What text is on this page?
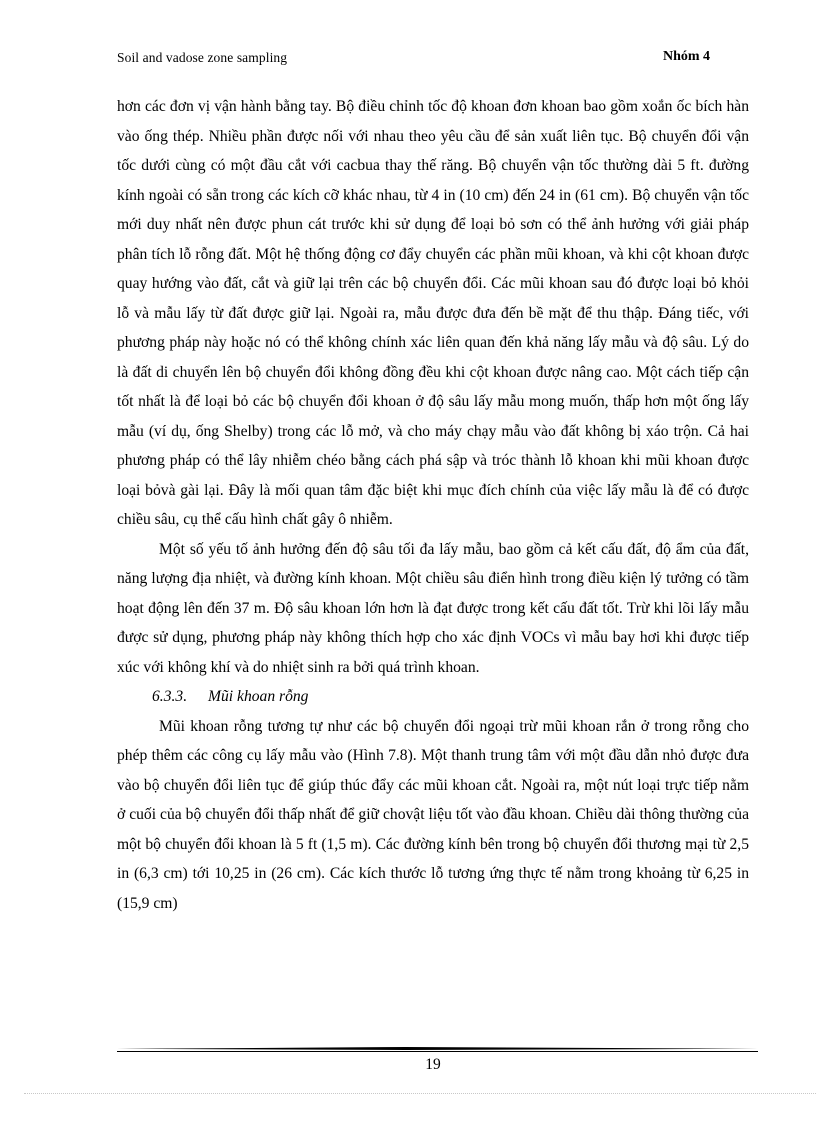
Soil and vadose zone sampling	Nhóm 4

hơn các đơn vị vận hành bằng tay. Bộ điều chỉnh tốc độ khoan đơn khoan bao gồm xoắn ốc bích hàn vào ống thép. Nhiều phần được nối với nhau theo yêu cầu để sản xuất liên tục. Bộ chuyển đổi vận tốc dưới cùng có một đầu cắt với cacbua thay thế răng. Bộ chuyển vận tốc thường dài 5 ft. đường kính ngoài có sẵn trong các kích cỡ khác nhau, từ 4 in (10 cm) đến 24 in (61 cm). Bộ chuyển vận tốc mới duy nhất nên được phun cát trước khi sử dụng để loại bỏ sơn có thể ảnh hưởng với giải pháp phân tích lỗ rỗng đất. Một hệ thống động cơ đẩy chuyển các phần mũi khoan, và khi cột khoan được quay hướng vào đất, cắt và giữ lại trên các bộ chuyển đổi. Các mũi khoan sau đó được loại bỏ khỏi lỗ và mẫu lấy từ đất được giữ lại. Ngoài ra, mẫu được đưa đến bề mặt để thu thập. Đáng tiếc, với phương pháp này hoặc nó có thể không chính xác liên quan đến khả năng lấy mẫu và độ sâu. Lý do là đất di chuyển lên bộ chuyển đổi không đồng đều khi cột khoan được nâng cao. Một cách tiếp cận tốt nhất là để loại bỏ các bộ chuyển đổi khoan ở độ sâu lấy mẫu mong muốn, thấp hơn một ống lấy mẫu (ví dụ, ống Shelby) trong các lỗ mở, và cho máy chạy mẫu vào đất không bị xáo trộn. Cả hai phương pháp có thể lây nhiễm chéo bằng cách phá sập và tróc thành lỗ khoan khi mũi khoan được loại bỏvà gài lại. Đây là mối quan tâm đặc biệt khi mục đích chính của việc lấy mẫu là để có được chiều sâu, cụ thể cấu hình chất gây ô nhiễm.

Một số yếu tố ảnh hưởng đến độ sâu tối đa lấy mẫu, bao gồm cả kết cấu đất, độ ẩm của đất, năng lượng địa nhiệt, và đường kính khoan. Một chiều sâu điển hình trong điều kiện lý tưởng có tầm hoạt động lên đến 37 m. Độ sâu khoan lớn hơn là đạt được trong kết cấu đất tốt. Trừ khi lõi lấy mẫu được sử dụng, phương pháp này không thích hợp cho xác định VOCs vì mẫu bay hơi khi được tiếp xúc với không khí và do nhiệt sinh ra bởi quá trình khoan.

6.3.3. Mũi khoan rỗng

Mũi khoan rỗng tương tự như các bộ chuyển đổi ngoại trừ mũi khoan rắn ở trong rỗng cho phép thêm các công cụ lấy mẫu vào (Hình 7.8). Một thanh trung tâm với một đầu dẫn nhỏ được đưa vào bộ chuyển đổi liên tục để giúp thúc đẩy các mũi khoan cắt. Ngoài ra, một nút loại trực tiếp nằm ở cuối của bộ chuyển đổi thấp nhất để giữ chovật liệu tốt vào đầu khoan. Chiều dài thông thường của một bộ chuyển đổi khoan là 5 ft (1,5 m). Các đường kính bên trong bộ chuyển đổi thương mại từ 2,5 in (6,3 cm) tới 10,25 in (26 cm). Các kích thước lỗ tương ứng thực tế nằm trong khoảng từ 6,25 in (15,9 cm)

19
